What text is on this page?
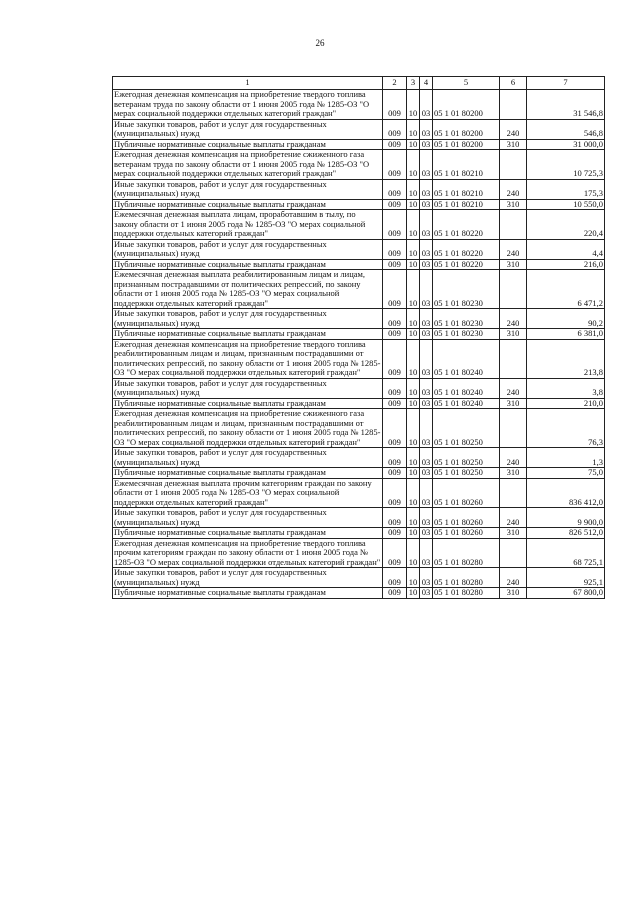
26
1	2	3	4	5	6	7
Ежегодная денежная компенсация на приобретение твердого топлива ветеранам труда по закону области от 1 июня 2005 года № 1285-ОЗ "О мерах социальной поддержки отдельных категорий граждан"	009	10	03	05 1 01 80200		31 546,8
Иные закупки товаров, работ и услуг для государственных (муниципальных) нужд	009	10	03	05 1 01 80200	240	546,8
Публичные нормативные социальные выплаты гражданам	009	10	03	05 1 01 80200	310	31 000,0
Ежегодная денежная компенсация на приобретение сжиженного газа ветеранам труда по закону области от 1 июня 2005 года № 1285-ОЗ "О мерах социальной поддержки отдельных категорий граждан"	009	10	03	05 1 01 80210		10 725,3
Иные закупки товаров, работ и услуг для государственных (муниципальных) нужд	009	10	03	05 1 01 80210	240	175,3
Публичные нормативные социальные выплаты гражданам	009	10	03	05 1 01 80210	310	10 550,0
Ежемесячная денежная выплата лицам, проработавшим в тылу, по закону области от 1 июня 2005 года № 1285-ОЗ "О мерах социальной поддержки отдельных категорий граждан"	009	10	03	05 1 01 80220		220,4
Иные закупки товаров, работ и услуг для государственных (муниципальных) нужд	009	10	03	05 1 01 80220	240	4,4
Публичные нормативные социальные выплаты гражданам	009	10	03	05 1 01 80220	310	216,0
Ежемесячная денежная выплата реабилитированным лицам и лицам, признанным пострадавшими от политических репрессий, по закону области от 1 июня 2005 года № 1285-ОЗ "О мерах социальной поддержки отдельных категорий граждан"	009	10	03	05 1 01 80230		6 471,2
Иные закупки товаров, работ и услуг для государственных (муниципальных) нужд	009	10	03	05 1 01 80230	240	90,2
Публичные нормативные социальные выплаты гражданам	009	10	03	05 1 01 80230	310	6 381,0
Ежегодная денежная компенсация на приобретение твердого топлива реабилитированным лицам и лицам, признанным пострадавшими от политических репрессий, по закону области от 1 июня 2005 года № 1285-ОЗ "О мерах социальной поддержки отдельных категорий граждан"	009	10	03	05 1 01 80240		213,8
Иные закупки товаров, работ и услуг для государственных (муниципальных) нужд	009	10	03	05 1 01 80240	240	3,8
Публичные нормативные социальные выплаты гражданам	009	10	03	05 1 01 80240	310	210,0
Ежегодная денежная компенсация на приобретение сжиженного газа реабилитированным лицам и лицам, признанным пострадавшими от политических репрессий, по закону области от 1 июня 2005 года № 1285-ОЗ "О мерах социальной поддержки отдельных категорий граждан"	009	10	03	05 1 01 80250		76,3
Иные закупки товаров, работ и услуг для государственных (муниципальных) нужд	009	10	03	05 1 01 80250	240	1,3
Публичные нормативные социальные выплаты гражданам	009	10	03	05 1 01 80250	310	75,0
Ежемесячная денежная выплата прочим категориям граждан по закону области от 1 июня 2005 года № 1285-ОЗ "О мерах социальной поддержки отдельных категорий граждан"	009	10	03	05 1 01 80260		836 412,0
Иные закупки товаров, работ и услуг для государственных (муниципальных) нужд	009	10	03	05 1 01 80260	240	9 900,0
Публичные нормативные социальные выплаты гражданам	009	10	03	05 1 01 80260	310	826 512,0
Ежегодная денежная компенсация на приобретение твердого топлива прочим категориям граждан по закону области от 1 июня 2005 года № 1285-ОЗ "О мерах социальной поддержки отдельных категорий граждан"	009	10	03	05 1 01 80280		68 725,1
Иные закупки товаров, работ и услуг для государственных (муниципальных) нужд	009	10	03	05 1 01 80280	240	925,1
Публичные нормативные социальные выплаты гражданам	009	10	03	05 1 01 80280	310	67 800,0
